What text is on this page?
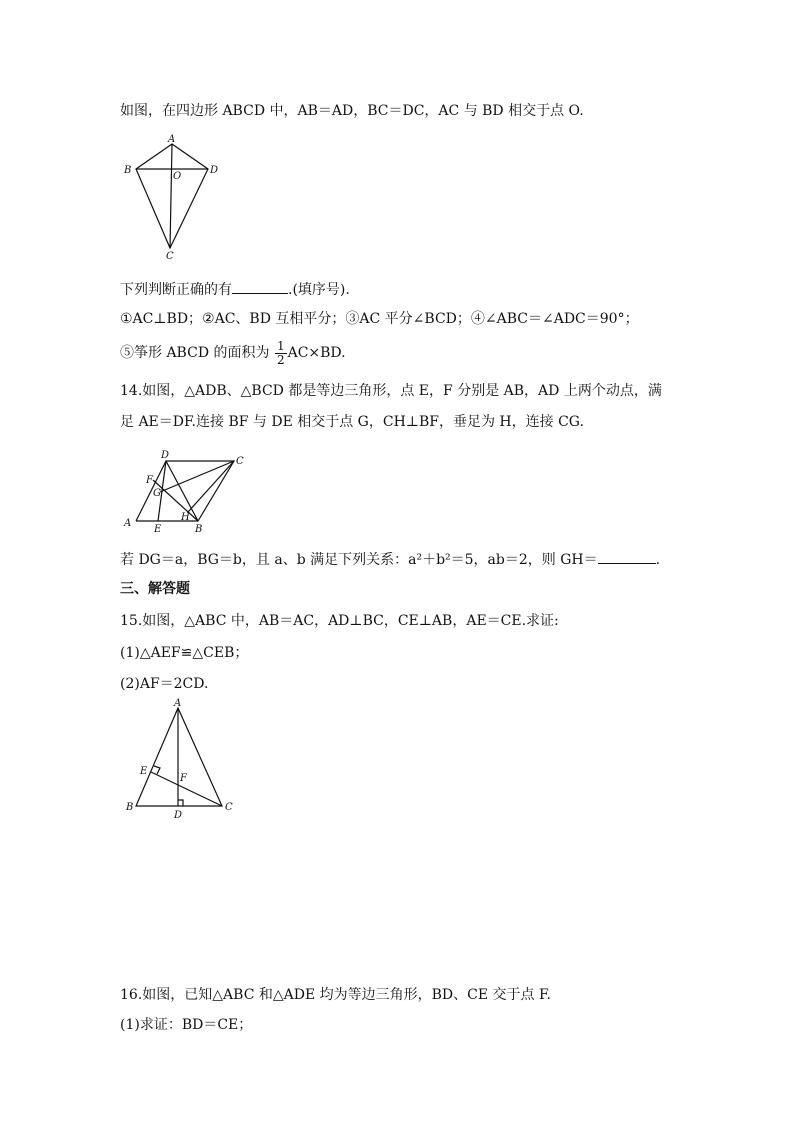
如图，在四边形 ABCD 中，AB＝AD，BC＝DC，AC 与 BD 相交于点 O.
A
B	D
O
C
下列判断正确的有	.(填序号).
①AC⊥BD；②AC、BD 互相平分；③AC 平分∠BCD；④∠ABC＝∠ADC＝90°；
⑤筝形 ABCD 的面积为 $\frac{1}{2} AC\times BD$.
14.如图，△ADB、△BCD 都是等边三角形，点 E，F 分别是 AB，AD 上两个动点，满
足 AE＝DF.连接 BF 与 DE 相交于点 G，CH⊥BF，垂足为 H，连接 CG.
D
C
F
G
H
A
E	B
若 DG＝a，BG＝b，且 a、b 满足下列关系：a²＋b²＝5，ab＝2，则 GH＝	.
三、解答题
15.如图，△ABC 中，AB＝AC，AD⊥BC，CE⊥AB，AE＝CE.求证:
(1)△AEF≌△CEB；
(2)AF＝2CD.
A
E
F
B
D
C
16.如图，已知△ABC 和△ADE 均为等边三角形，BD、CE 交于点 F.
(1)求证：BD＝CE；
